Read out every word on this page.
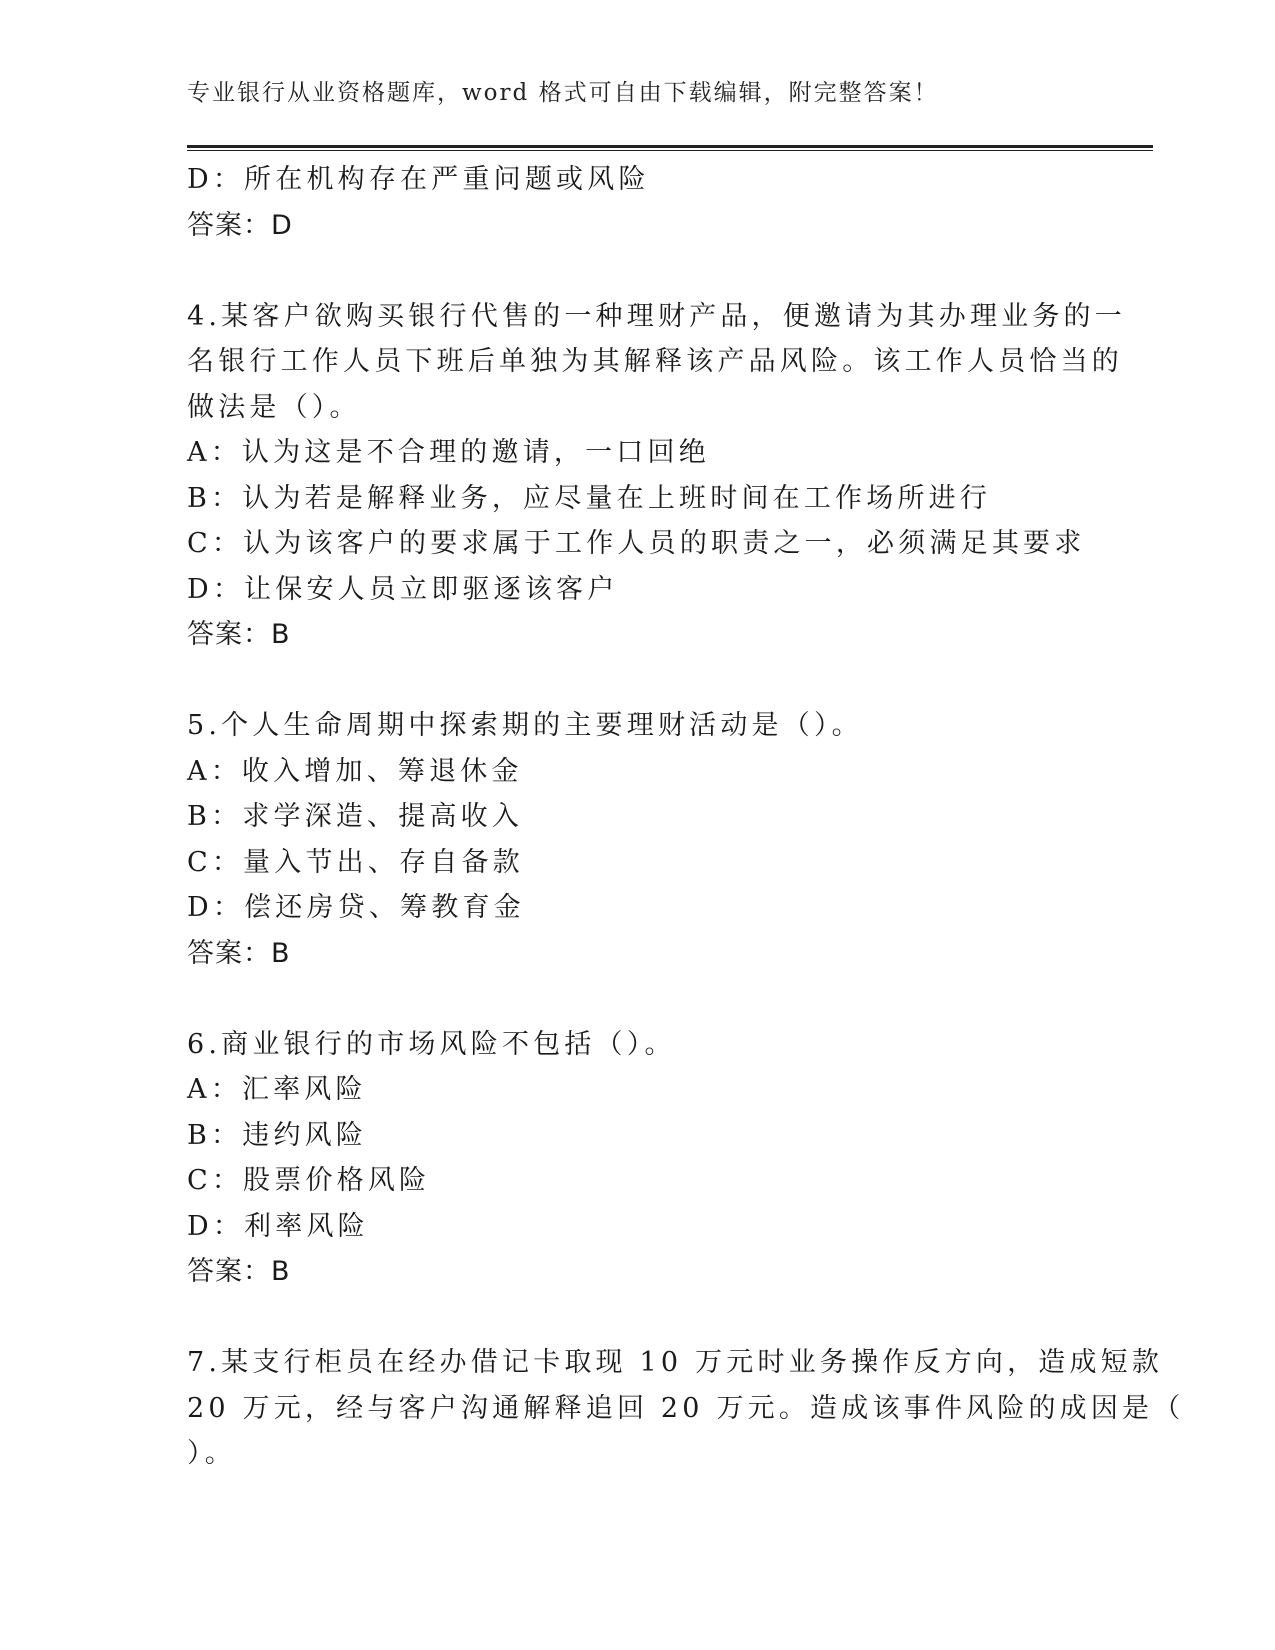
专业银行从业资格题库，word 格式可自由下载编辑，附完整答案！
D：所在机构存在严重问题或风险
答案：D
4.某客户欲购买银行代售的一种理财产品，便邀请为其办理业务的一
名银行工作人员下班后单独为其解释该产品风险。该工作人员恰当的
做法是（）。
A：认为这是不合理的邀请，一口回绝
B：认为若是解释业务，应尽量在上班时间在工作场所进行
C：认为该客户的要求属于工作人员的职责之一，必须满足其要求
D：让保安人员立即驱逐该客户
答案：B
5.个人生命周期中探索期的主要理财活动是（）。
A：收入增加、筹退休金
B：求学深造、提高收入
C：量入节出、存自备款
D：偿还房贷、筹教育金
答案：B
6.商业银行的市场风险不包括（）。
A：汇率风险
B：违约风险
C：股票价格风险
D：利率风险
答案：B
7.某支行柜员在经办借记卡取现 10 万元时业务操作反方向，造成短款
20 万元，经与客户沟通解释追回 20 万元。造成该事件风险的成因是（
）。
